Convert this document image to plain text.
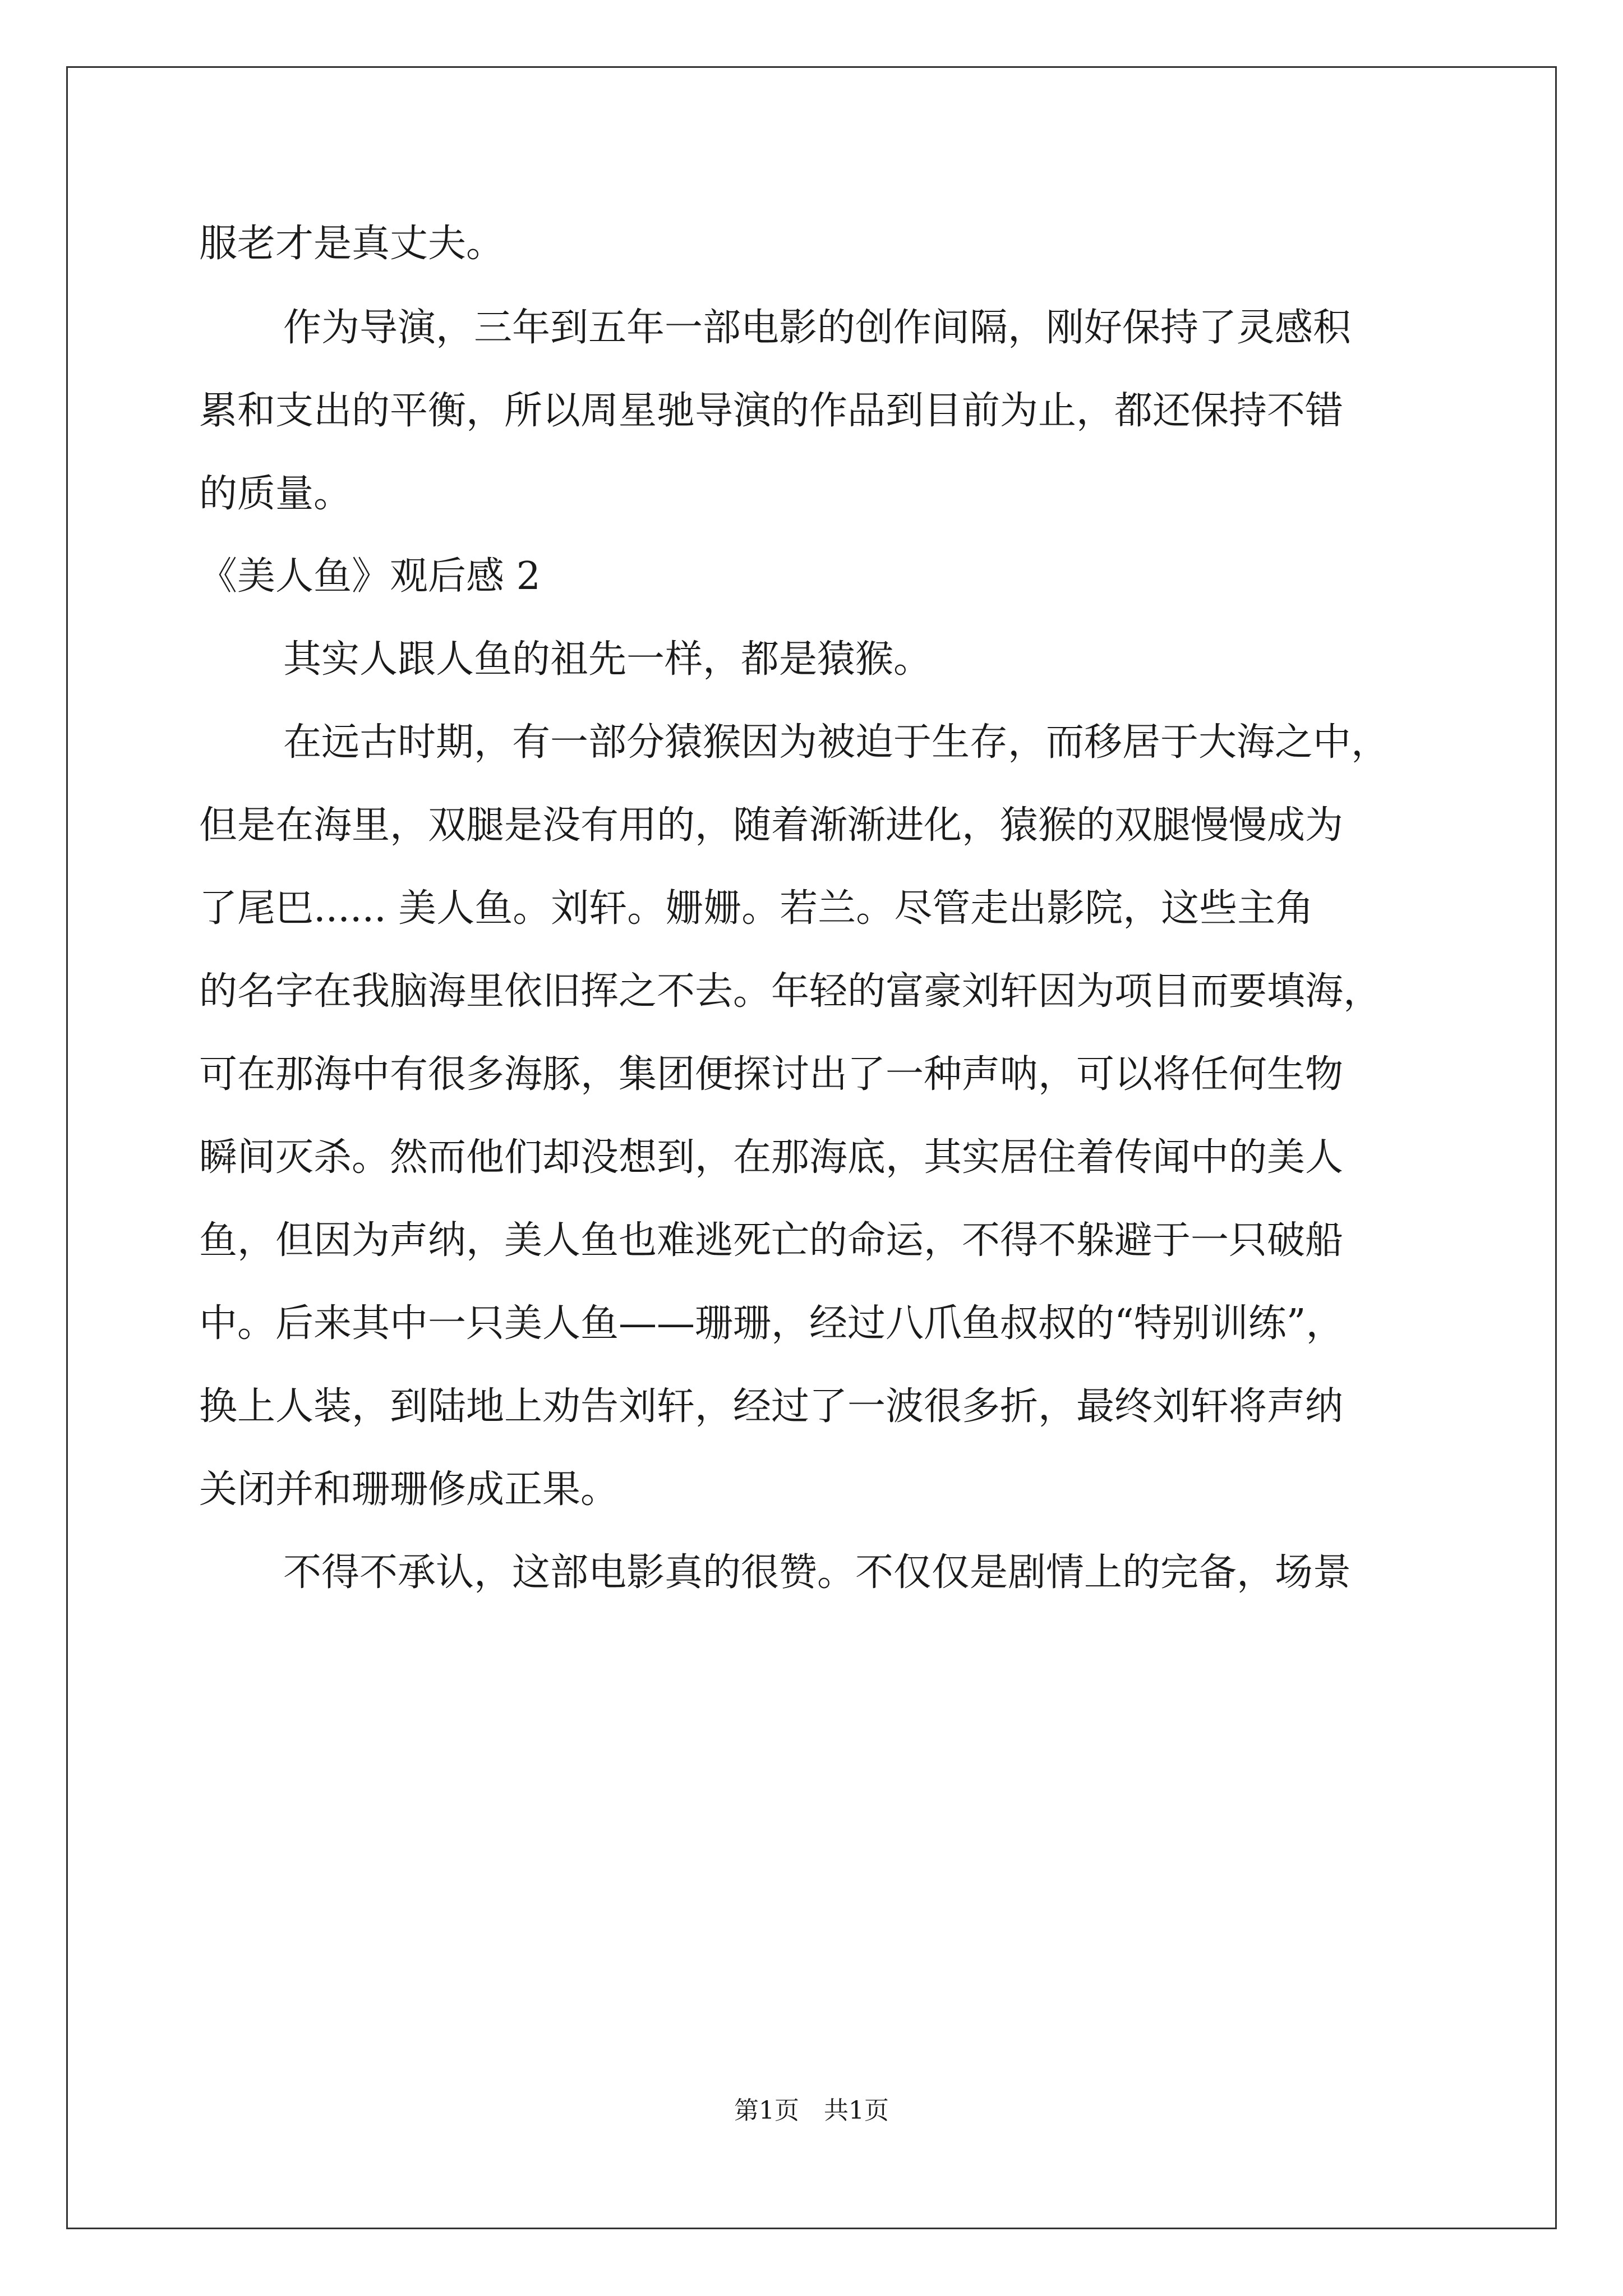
服老才是真丈夫。
作为导演，三年到五年一部电影的创作间隔，刚好保持了灵感积
累和支出的平衡，所以周星驰导演的作品到目前为止，都还保持不错
的质量。
《美人鱼》观后感 2
其实人跟人鱼的祖先一样，都是猿猴。
在远古时期，有一部分猿猴因为被迫于生存，而移居于大海之中，
但是在海里，双腿是没有用的，随着渐渐进化，猿猴的双腿慢慢成为
了尾巴...... 美人鱼。刘轩。姗姗。若兰。尽管走出影院，这些主角
的名字在我脑海里依旧挥之不去。年轻的富豪刘轩因为项目而要填海，
可在那海中有很多海豚，集团便探讨出了一种声呐，可以将任何生物
瞬间灭杀。然而他们却没想到，在那海底，其实居住着传闻中的美人
鱼，但因为声纳，美人鱼也难逃死亡的命运，不得不躲避于一只破船
中。后来其中一只美人鱼——珊珊，经过八爪鱼叔叔的“特别训练”，
换上人装，到陆地上劝告刘轩，经过了一波很多折，最终刘轩将声纳
关闭并和珊珊修成正果。
不得不承认，这部电影真的很赞。不仅仅是剧情上的完备，场景
第1页　共1页
